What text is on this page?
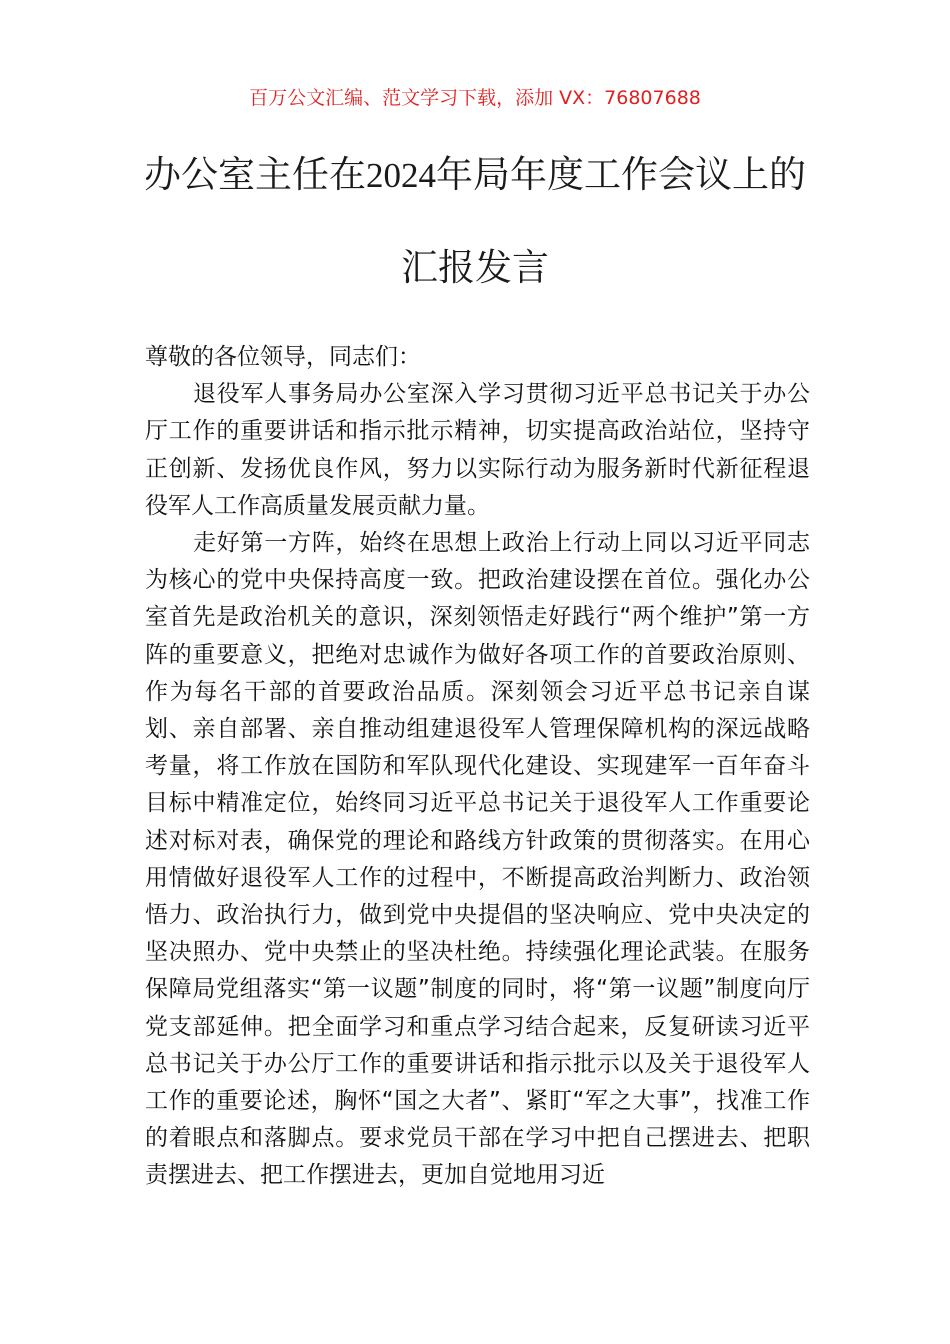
百万公文汇编、范文学习下载，添加 VX：76807688
办公室主任在2024年局年度工作会议上的
汇报发言

尊敬的各位领导，同志们：

退役军人事务局办公室深入学习贯彻习近平总书记关于办公厅工作的重要讲话和指示批示精神，切实提高政治站位，坚持守正创新、发扬优良作风，努力以实际行动为服务新时代新征程退役军人工作高质量发展贡献力量。

走好第一方阵，始终在思想上政治上行动上同以习近平同志为核心的党中央保持高度一致。把政治建设摆在首位。强化办公室首先是政治机关的意识，深刻领悟走好践行“两个维护”第一方阵的重要意义，把绝对忠诚作为做好各项工作的首要政治原则、作为每名干部的首要政治品质。深刻领会习近平总书记亲自谋划、亲自部署、亲自推动组建退役军人管理保障机构的深远战略考量，将工作放在国防和军队现代化建设、实现建军一百年奋斗目标中精准定位，始终同习近平总书记关于退役军人工作重要论述对标对表，确保党的理论和路线方针政策的贯彻落实。在用心用情做好退役军人工作的过程中，不断提高政治判断力、政治领悟力、政治执行力，做到党中央提倡的坚决响应、党中央决定的坚决照办、党中央禁止的坚决杜绝。持续强化理论武装。在服务保障局党组落实“第一议题”制度的同时，将“第一议题”制度向厅党支部延伸。把全面学习和重点学习结合起来，反复研读习近平总书记关于办公厅工作的重要讲话和指示批示以及关于退役军人工作的重要论述，胸怀“国之大者”、紧盯“军之大事”，找准工作的着眼点和落脚点。要求党员干部在学习中把自己摆进去、把职责摆进去、把工作摆进去，更加自觉地用习近
